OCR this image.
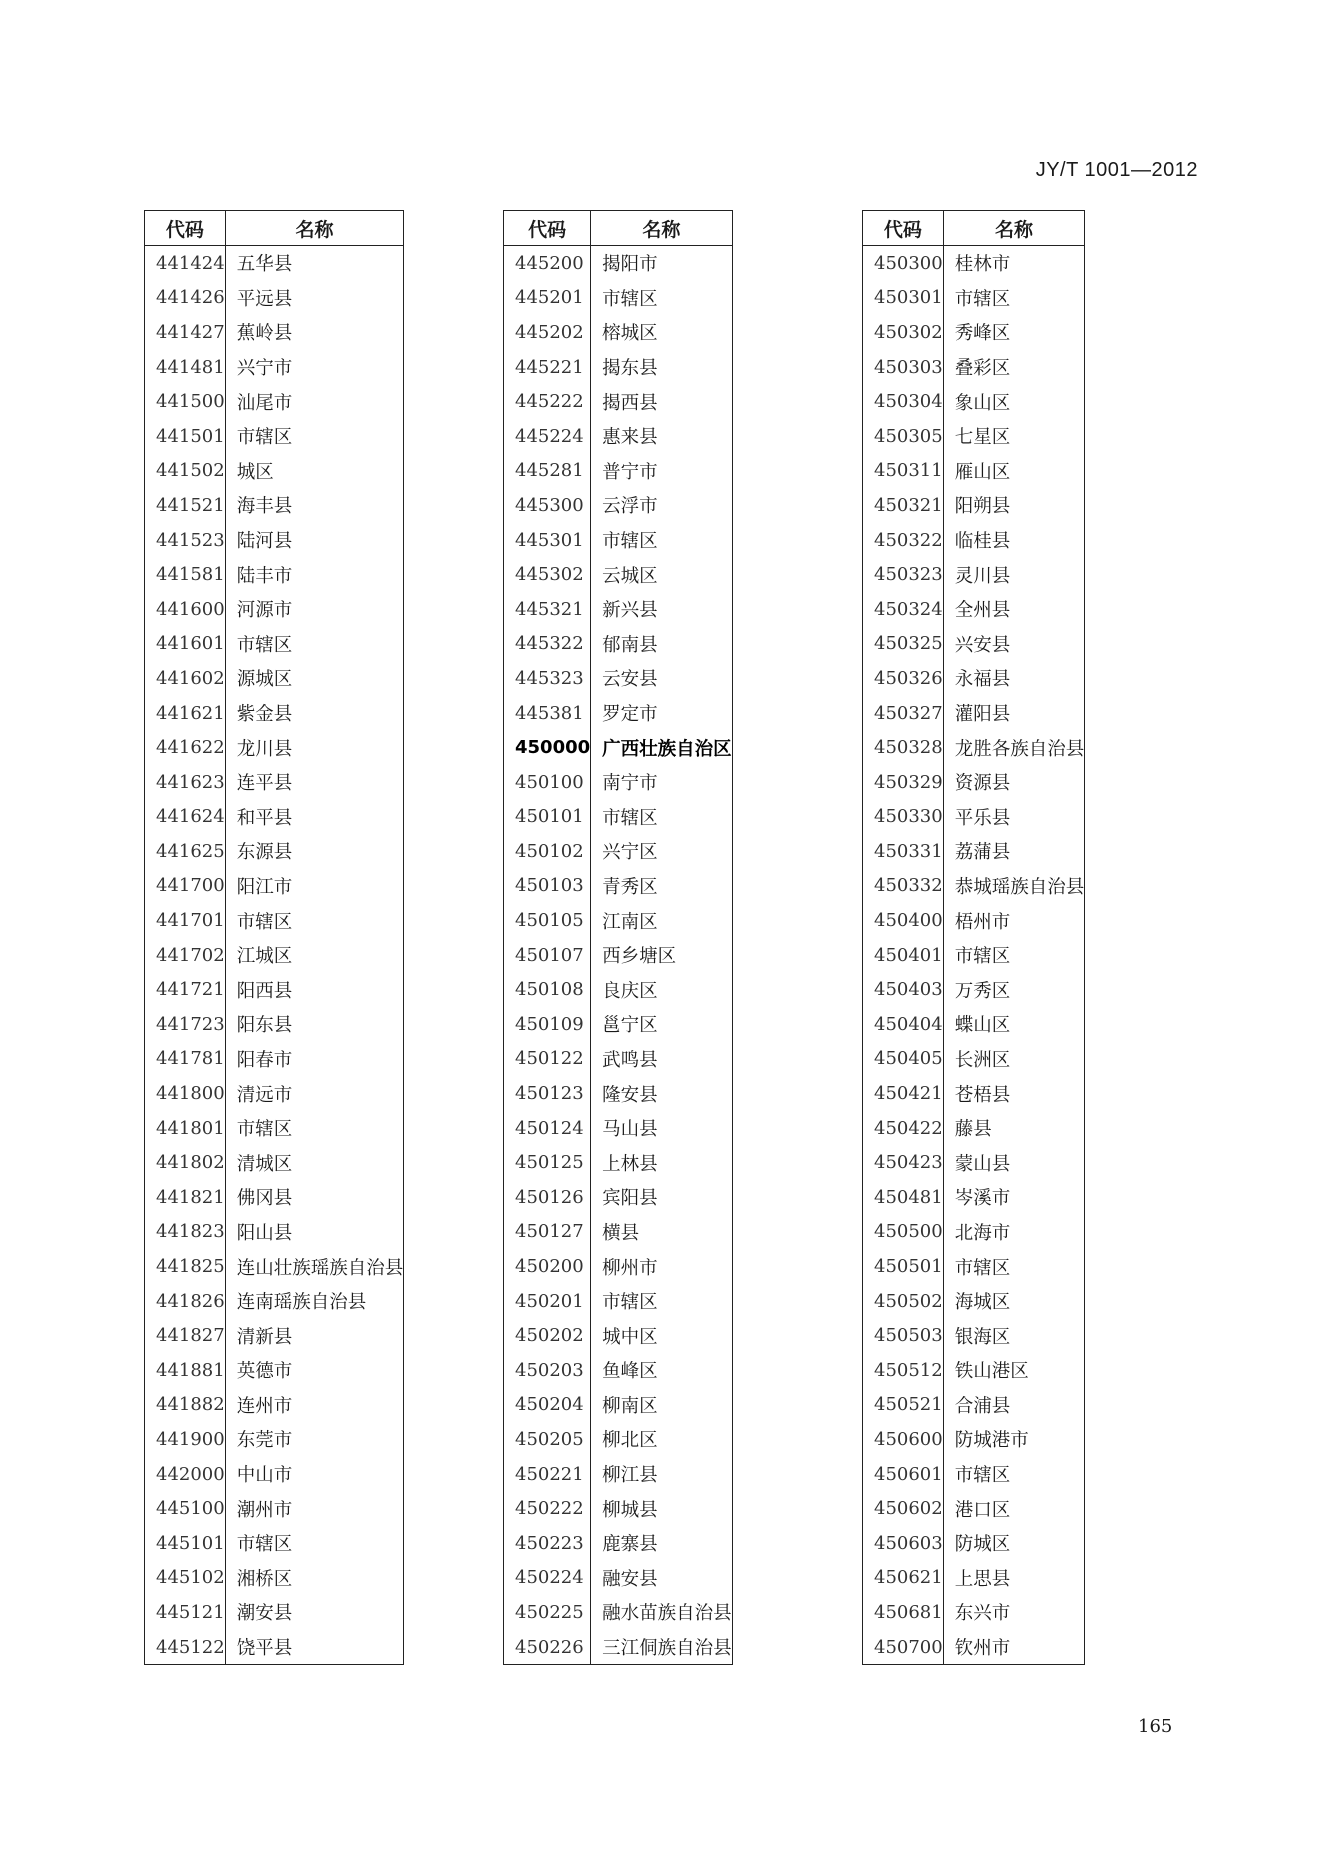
JY/T 1001—2012
代码	名称
441424	五华县
441426	平远县
441427	蕉岭县
441481	兴宁市
441500	汕尾市
441501	市辖区
441502	城区
441521	海丰县
441523	陆河县
441581	陆丰市
441600	河源市
441601	市辖区
441602	源城区
441621	紫金县
441622	龙川县
441623	连平县
441624	和平县
441625	东源县
441700	阳江市
441701	市辖区
441702	江城区
441721	阳西县
441723	阳东县
441781	阳春市
441800	清远市
441801	市辖区
441802	清城区
441821	佛冈县
441823	阳山县
441825	连山壮族瑶族自治县
441826	连南瑶族自治县
441827	清新县
441881	英德市
441882	连州市
441900	东莞市
442000	中山市
445100	潮州市
445101	市辖区
445102	湘桥区
445121	潮安县
445122	饶平县
代码	名称
445200	揭阳市
445201	市辖区
445202	榕城区
445221	揭东县
445222	揭西县
445224	惠来县
445281	普宁市
445300	云浮市
445301	市辖区
445302	云城区
445321	新兴县
445322	郁南县
445323	云安县
445381	罗定市
450000	广西壮族自治区
450100	南宁市
450101	市辖区
450102	兴宁区
450103	青秀区
450105	江南区
450107	西乡塘区
450108	良庆区
450109	邕宁区
450122	武鸣县
450123	隆安县
450124	马山县
450125	上林县
450126	宾阳县
450127	横县
450200	柳州市
450201	市辖区
450202	城中区
450203	鱼峰区
450204	柳南区
450205	柳北区
450221	柳江县
450222	柳城县
450223	鹿寨县
450224	融安县
450225	融水苗族自治县
450226	三江侗族自治县
代码	名称
450300	桂林市
450301	市辖区
450302	秀峰区
450303	叠彩区
450304	象山区
450305	七星区
450311	雁山区
450321	阳朔县
450322	临桂县
450323	灵川县
450324	全州县
450325	兴安县
450326	永福县
450327	灌阳县
450328	龙胜各族自治县
450329	资源县
450330	平乐县
450331	荔蒲县
450332	恭城瑶族自治县
450400	梧州市
450401	市辖区
450403	万秀区
450404	蝶山区
450405	长洲区
450421	苍梧县
450422	藤县
450423	蒙山县
450481	岑溪市
450500	北海市
450501	市辖区
450502	海城区
450503	银海区
450512	铁山港区
450521	合浦县
450600	防城港市
450601	市辖区
450602	港口区
450603	防城区
450621	上思县
450681	东兴市
450700	钦州市
165
